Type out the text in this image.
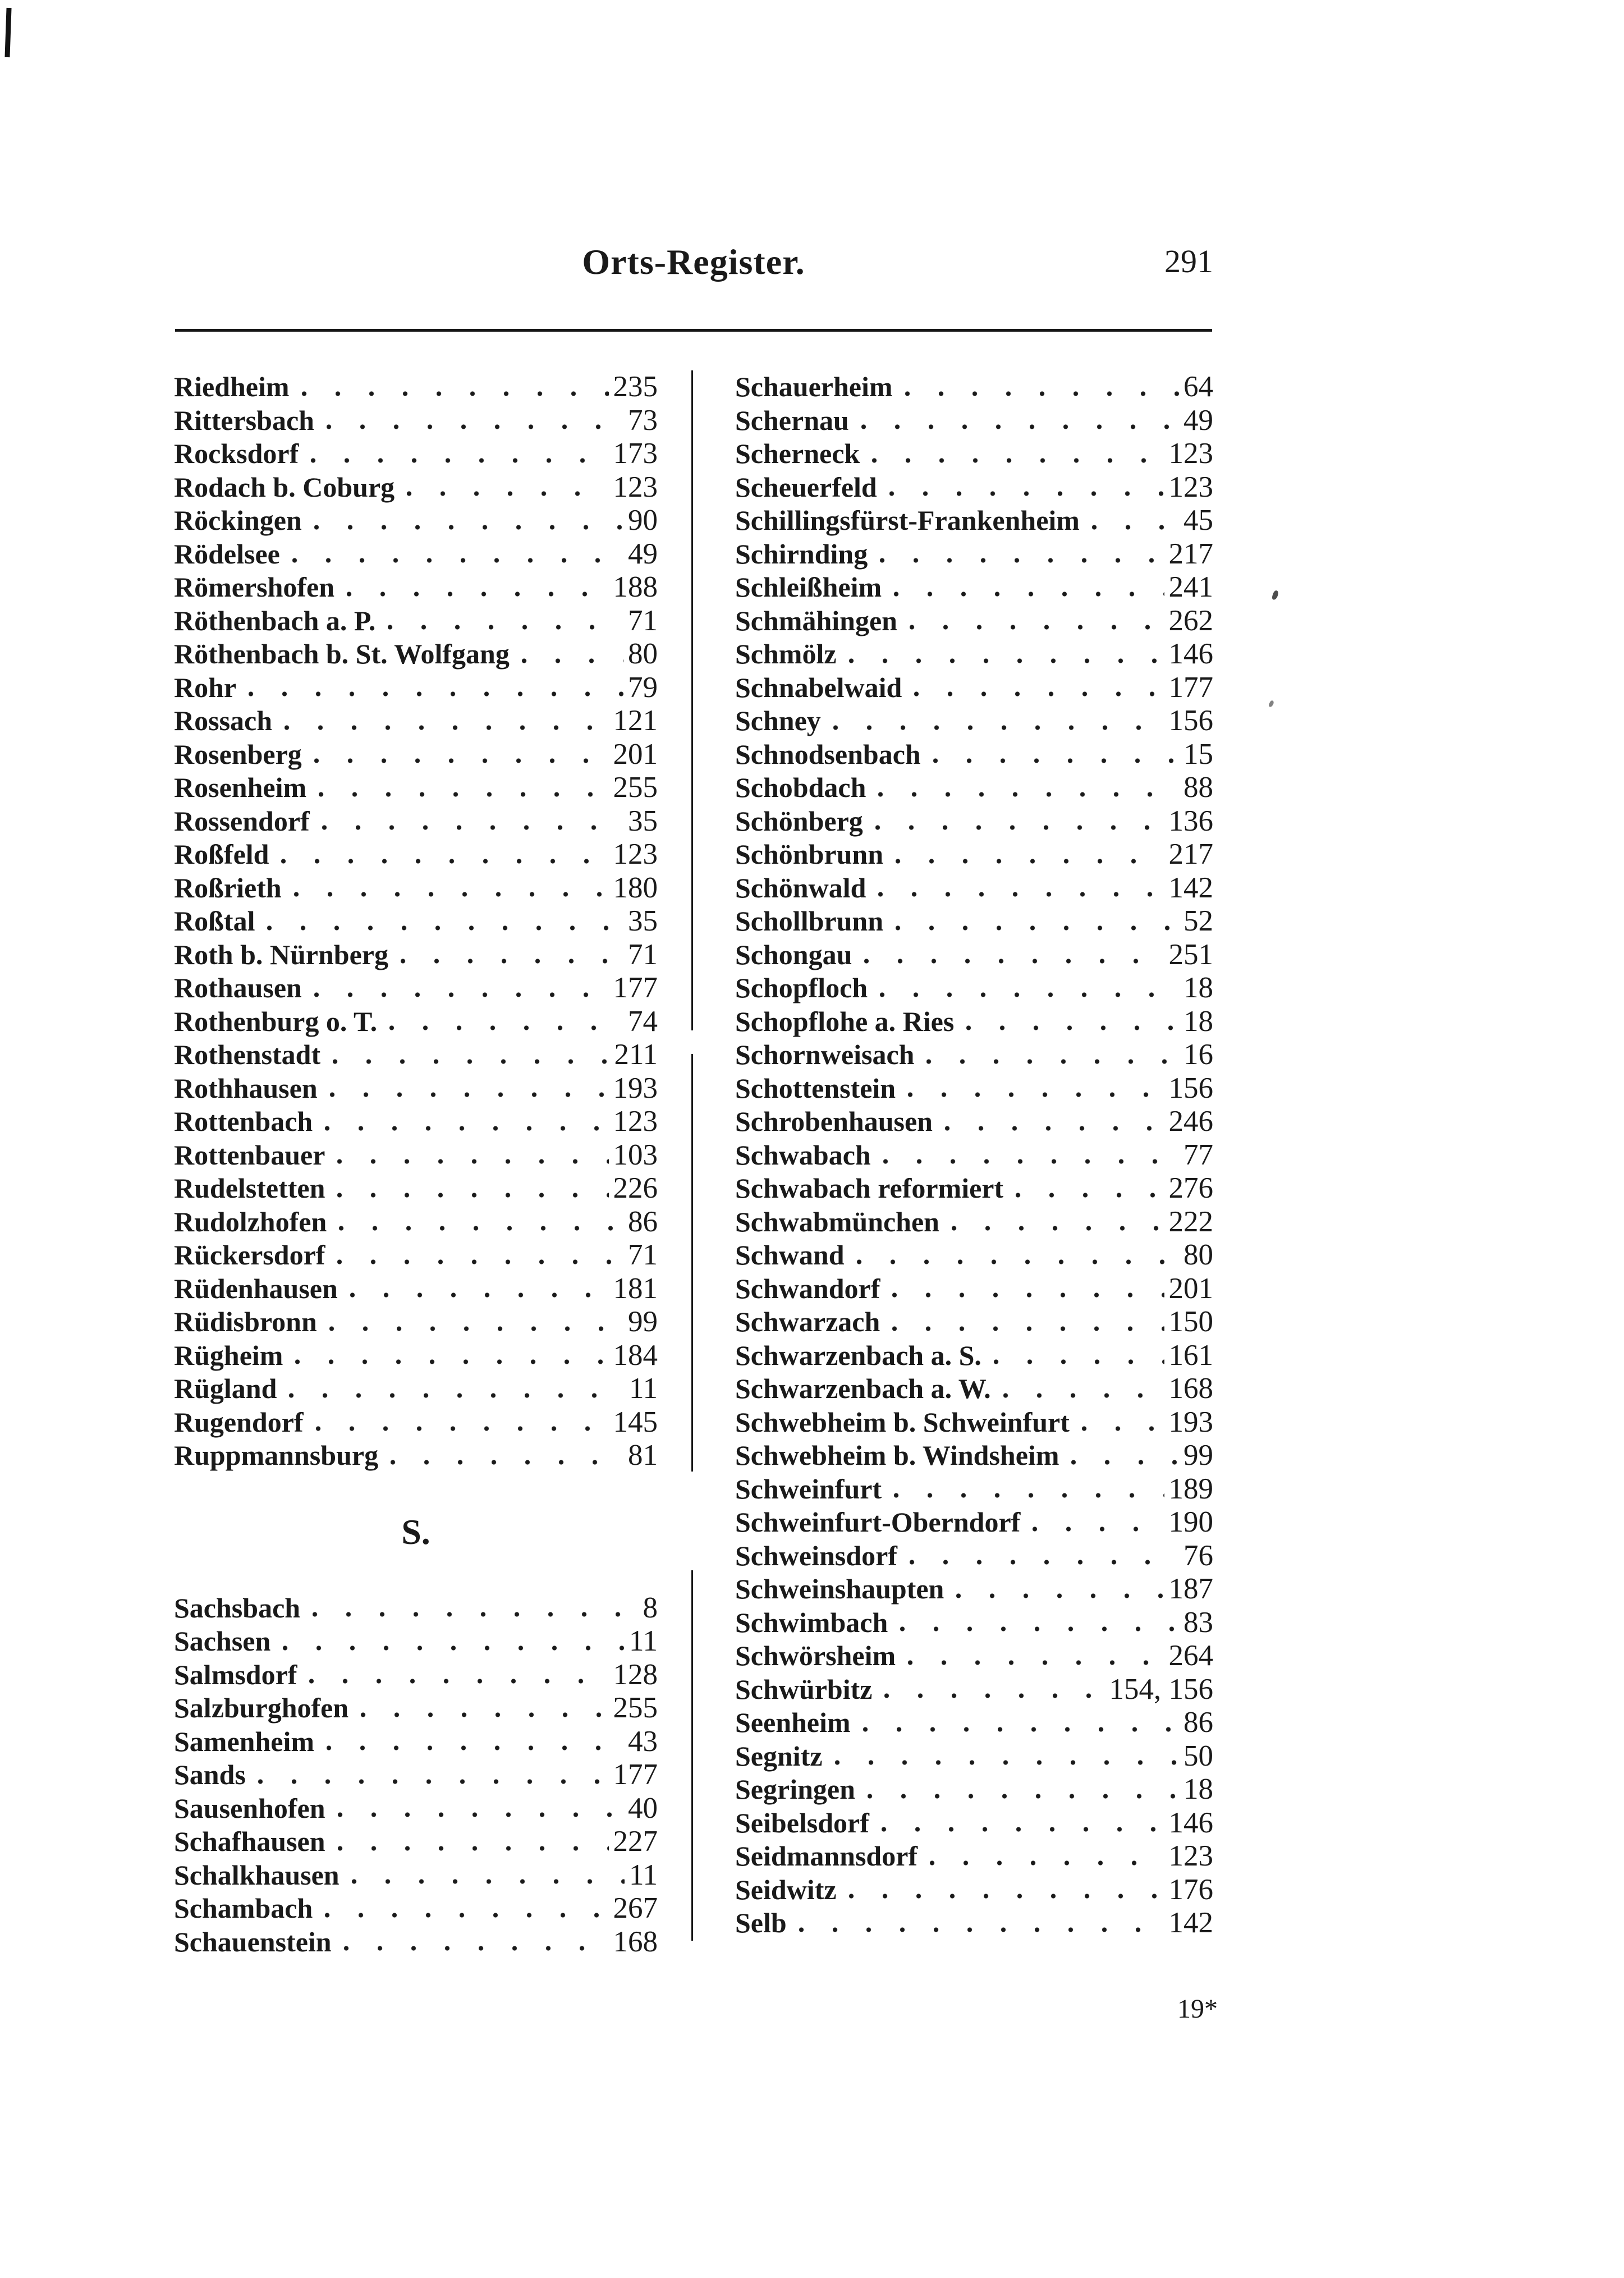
Orts-Register.	291
Riedheim	235
Rittersbach	73
Rocksdorf	173
Rodach b. Coburg	123
Röckingen	90
Rödelsee	49
Römershofen	188
Röthenbach a. P.	71
Röthenbach b. St. Wolfgang	80
Rohr	79
Rossach	121
Rosenberg	201
Rosenheim	255
Rossendorf	35
Roßfeld	123
Roßrieth	180
Roßtal	35
Roth b. Nürnberg	71
Rothausen	177
Rothenburg o. T.	74
Rothenstadt	211
Rothhausen	193
Rottenbach	123
Rottenbauer	103
Rudelstetten	226
Rudolzhofen	86
Rückersdorf	71
Rüdenhausen	181
Rüdisbronn	99
Rügheim	184
Rügland	11
Rugendorf	145
Ruppmannsburg	81
S.
Sachsbach	8
Sachsen	11
Salmsdorf	128
Salzburghofen	255
Samenheim	43
Sands	177
Sausenhofen	40
Schafhausen	227
Schalkhausen	11
Schambach	267
Schauenstein	168
Schauerheim	64
Schernau	49
Scherneck	123
Scheuerfeld	123
Schillingsfürst-Frankenheim	45
Schirnding	217
Schleißheim	241
Schmähingen	262
Schmölz	146
Schnabelwaid	177
Schney	156
Schnodsenbach	15
Schobdach	88
Schönberg	136
Schönbrunn	217
Schönwald	142
Schollbrunn	52
Schongau	251
Schopfloch	18
Schopflohe a. Ries	18
Schornweisach	16
Schottenstein	156
Schrobenhausen	246
Schwabach	77
Schwabach reformiert	276
Schwabmünchen	222
Schwand	80
Schwandorf	201
Schwarzach	150
Schwarzenbach a. S.	161
Schwarzenbach a. W.	168
Schwebheim b. Schweinfurt	193
Schwebheim b. Windsheim	99
Schweinfurt	189
Schweinfurt-Oberndorf	190
Schweinsdorf	76
Schweinshaupten	187
Schwimbach	83
Schwörsheim	264
Schwürbitz	154, 156
Seenheim	86
Segnitz	50
Segringen	18
Seibelsdorf	146
Seidmannsdorf	123
Seidwitz	176
Selb	142
19*
